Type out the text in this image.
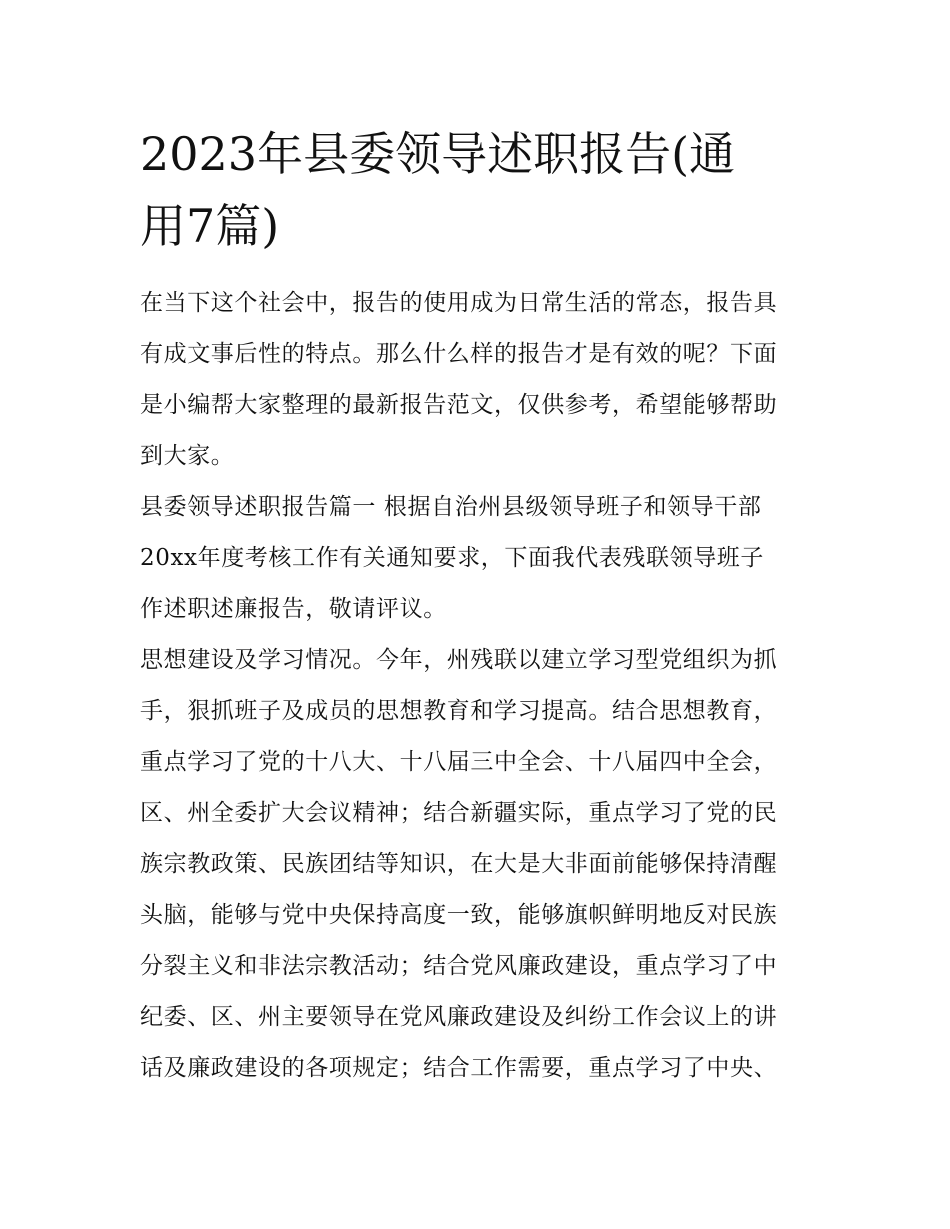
2023年县委领导述职报告(通
用7篇)
在当下这个社会中，报告的使用成为日常生活的常态，报告具
有成文事后性的特点。那么什么样的报告才是有效的呢？下面
是小编帮大家整理的最新报告范文，仅供参考，希望能够帮助
到大家。
县委领导述职报告篇一 根据自治州县级领导班子和领导干部
20xx年度考核工作有关通知要求，下面我代表残联领导班子
作述职述廉报告，敬请评议。
思想建设及学习情况。今年，州残联以建立学习型党组织为抓
手，狠抓班子及成员的思想教育和学习提高。结合思想教育，
重点学习了党的十八大、十八届三中全会、十八届四中全会，
区、州全委扩大会议精神；结合新疆实际，重点学习了党的民
族宗教政策、民族团结等知识，在大是大非面前能够保持清醒
头脑，能够与党中央保持高度一致，能够旗帜鲜明地反对民族
分裂主义和非法宗教活动；结合党风廉政建设，重点学习了中
纪委、区、州主要领导在党风廉政建设及纠纷工作会议上的讲
话及廉政建设的各项规定；结合工作需要，重点学习了中央、
